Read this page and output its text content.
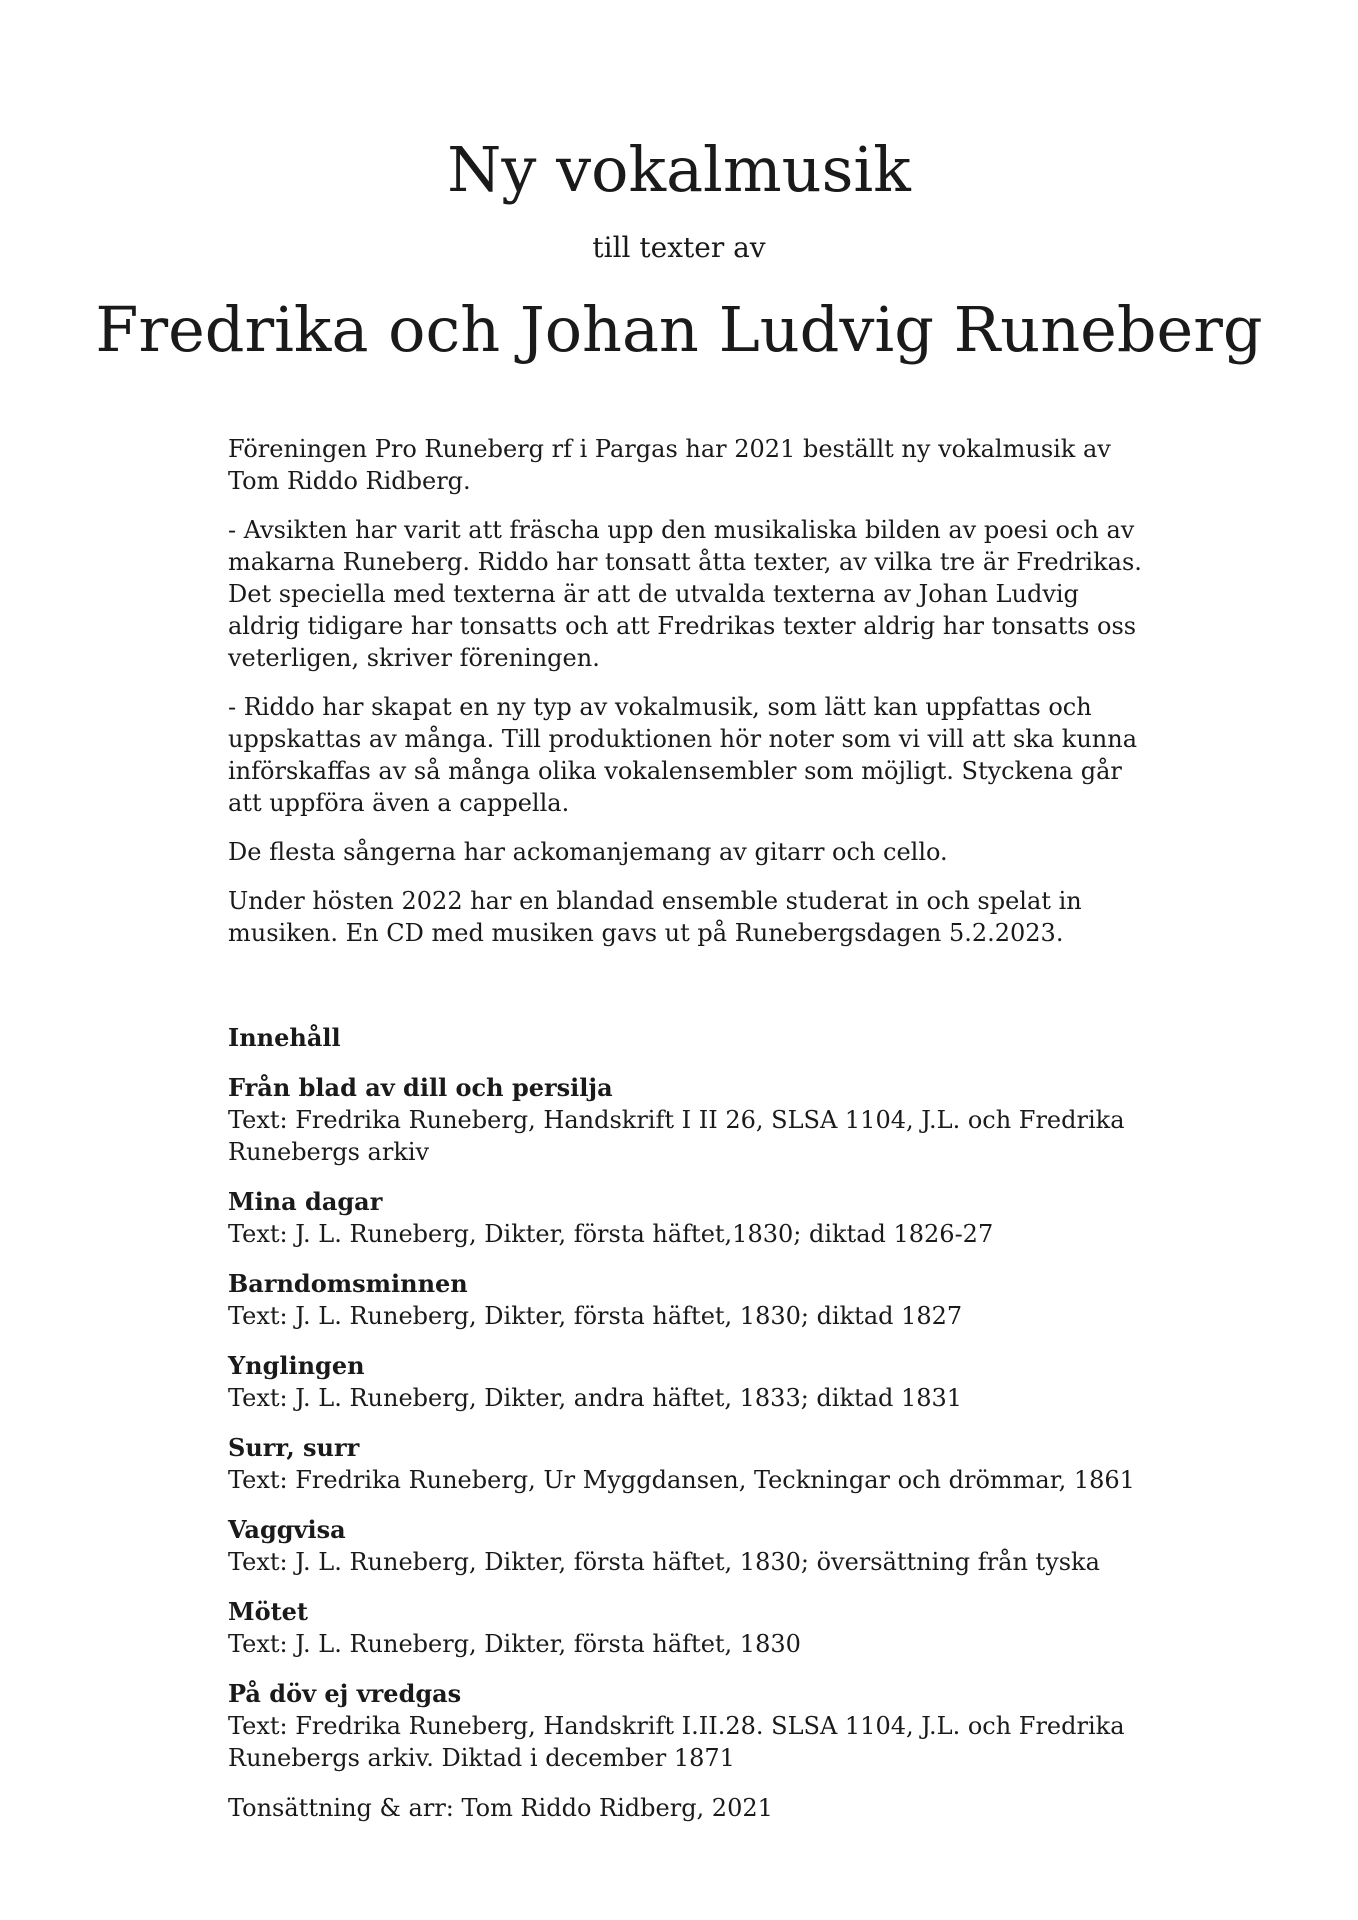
Ny vokalmusik
till texter av
Fredrika och Johan Ludvig Runeberg

Föreningen Pro Runeberg rf i Pargas har 2021 beställt ny vokalmusik av Tom Riddo Ridberg.

- Avsikten har varit att fräscha upp den musikaliska bilden av poesi och av makarna Runeberg. Riddo har tonsatt åtta texter, av vilka tre är Fredrikas. Det speciella med texterna är att de utvalda texterna av Johan Ludvig aldrig tidigare har tonsatts och att Fredrikas texter aldrig har tonsatts oss veterligen, skriver föreningen.

- Riddo har skapat en ny typ av vokalmusik, som lätt kan uppfattas och uppskattas av många. Till produktionen hör noter som vi vill att ska kunna införskaffas av så många olika vokalensembler som möjligt. Styckena går att uppföra även a cappella.

De flesta sångerna har ackomanjemang av gitarr och cello.

Under hösten 2022 har en blandad ensemble studerat in och spelat in musiken. En CD med musiken gavs ut på Runebergsdagen 5.2.2023.

Innehåll
Från blad av dill och persilja
Text: Fredrika Runeberg, Handskrift I II 26, SLSA 1104, J.L. och Fredrika Runebergs arkiv
Mina dagar
Text: J. L. Runeberg, Dikter, första häftet,1830; diktad 1826-27
Barndomsminnen
Text: J. L. Runeberg, Dikter, första häftet, 1830; diktad 1827
Ynglingen
Text: J. L. Runeberg, Dikter, andra häftet, 1833; diktad 1831
Surr, surr
Text: Fredrika Runeberg, Ur Myggdansen, Teckningar och drömmar, 1861
Vaggvisa
Text: J. L. Runeberg, Dikter, första häftet, 1830; översättning från tyska
Mötet
Text: J. L. Runeberg, Dikter, första häftet, 1830
På döv ej vredgas
Text: Fredrika Runeberg, Handskrift I.II.28. SLSA 1104, J.L. och Fredrika Runebergs arkiv. Diktad i december 1871

Tonsättning & arr: Tom Riddo Ridberg, 2021
